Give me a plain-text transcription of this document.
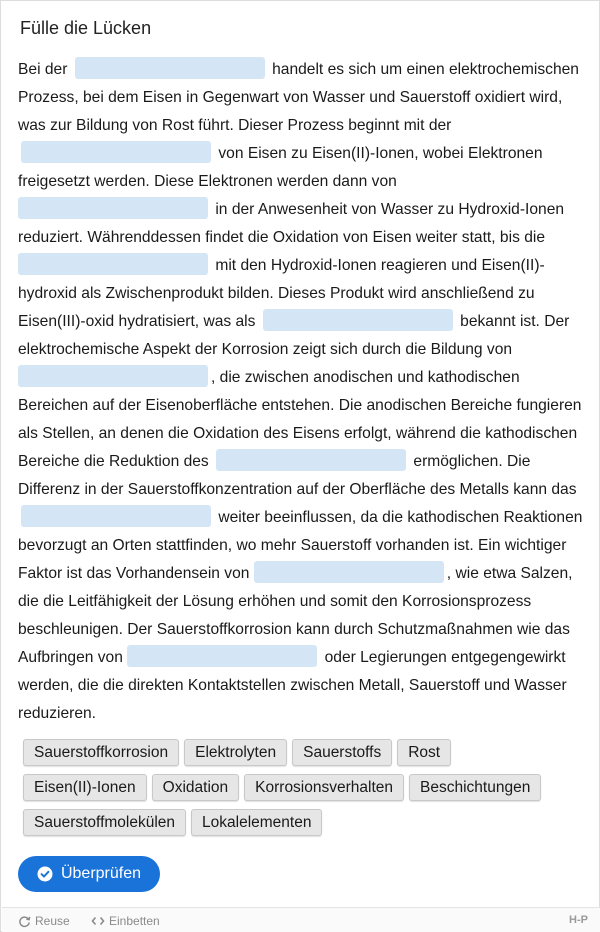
Fülle die Lücken
Bei der	handelt es sich um einen elektrochemischen Prozess, bei dem Eisen in Gegenwart von Wasser und Sauerstoff oxidiert wird, was zur Bildung von Rost führt. Dieser Prozess beginnt mit der  von Eisen zu Eisen(II)-Ionen, wobei Elektronen freigesetzt werden. Diese Elektronen werden dann von  in der Anwesenheit von Wasser zu Hydroxid-Ionen reduziert. Währenddessen findet die Oxidation von Eisen weiter statt, bis die  mit den Hydroxid-Ionen reagieren und Eisen(II)-hydroxid als Zwischenprodukt bilden. Dieses Produkt wird anschließend zu Eisen(III)-oxid hydratisiert, was als	bekannt ist. Der elektrochemische Aspekt der Korrosion zeigt sich durch die Bildung von , die zwischen anodischen und kathodischen Bereichen auf der Eisenoberfläche entstehen. Die anodischen Bereiche fungieren als Stellen, an denen die Oxidation des Eisens erfolgt, während die kathodischen Bereiche die Reduktion des	ermöglichen. Die Differenz in der Sauerstoffkonzentration auf der Oberfläche des Metalls kann das  weiter beeinflussen, da die kathodischen Reaktionen bevorzugt an Orten stattfinden, wo mehr Sauerstoff vorhanden ist. Ein wichtiger Faktor ist das Vorhandensein von	, wie etwa Salzen, die die Leitfähigkeit der Lösung erhöhen und somit den Korrosionsprozess beschleunigen. Der Sauerstoffkorrosion kann durch Schutzmaßnahmen wie das Aufbringen von	oder Legierungen entgegengewirkt werden, die die direkten Kontaktstellen zwischen Metall, Sauerstoff und Wasser reduzieren.
Sauerstoffkorrosion Elektrolyten Sauerstoffs Rost
Eisen(II)-Ionen Oxidation Korrosionsverhalten Beschichtungen
Sauerstoffmolekülen Lokalelementen
Überprüfen
Reuse	Einbetten	H-P
